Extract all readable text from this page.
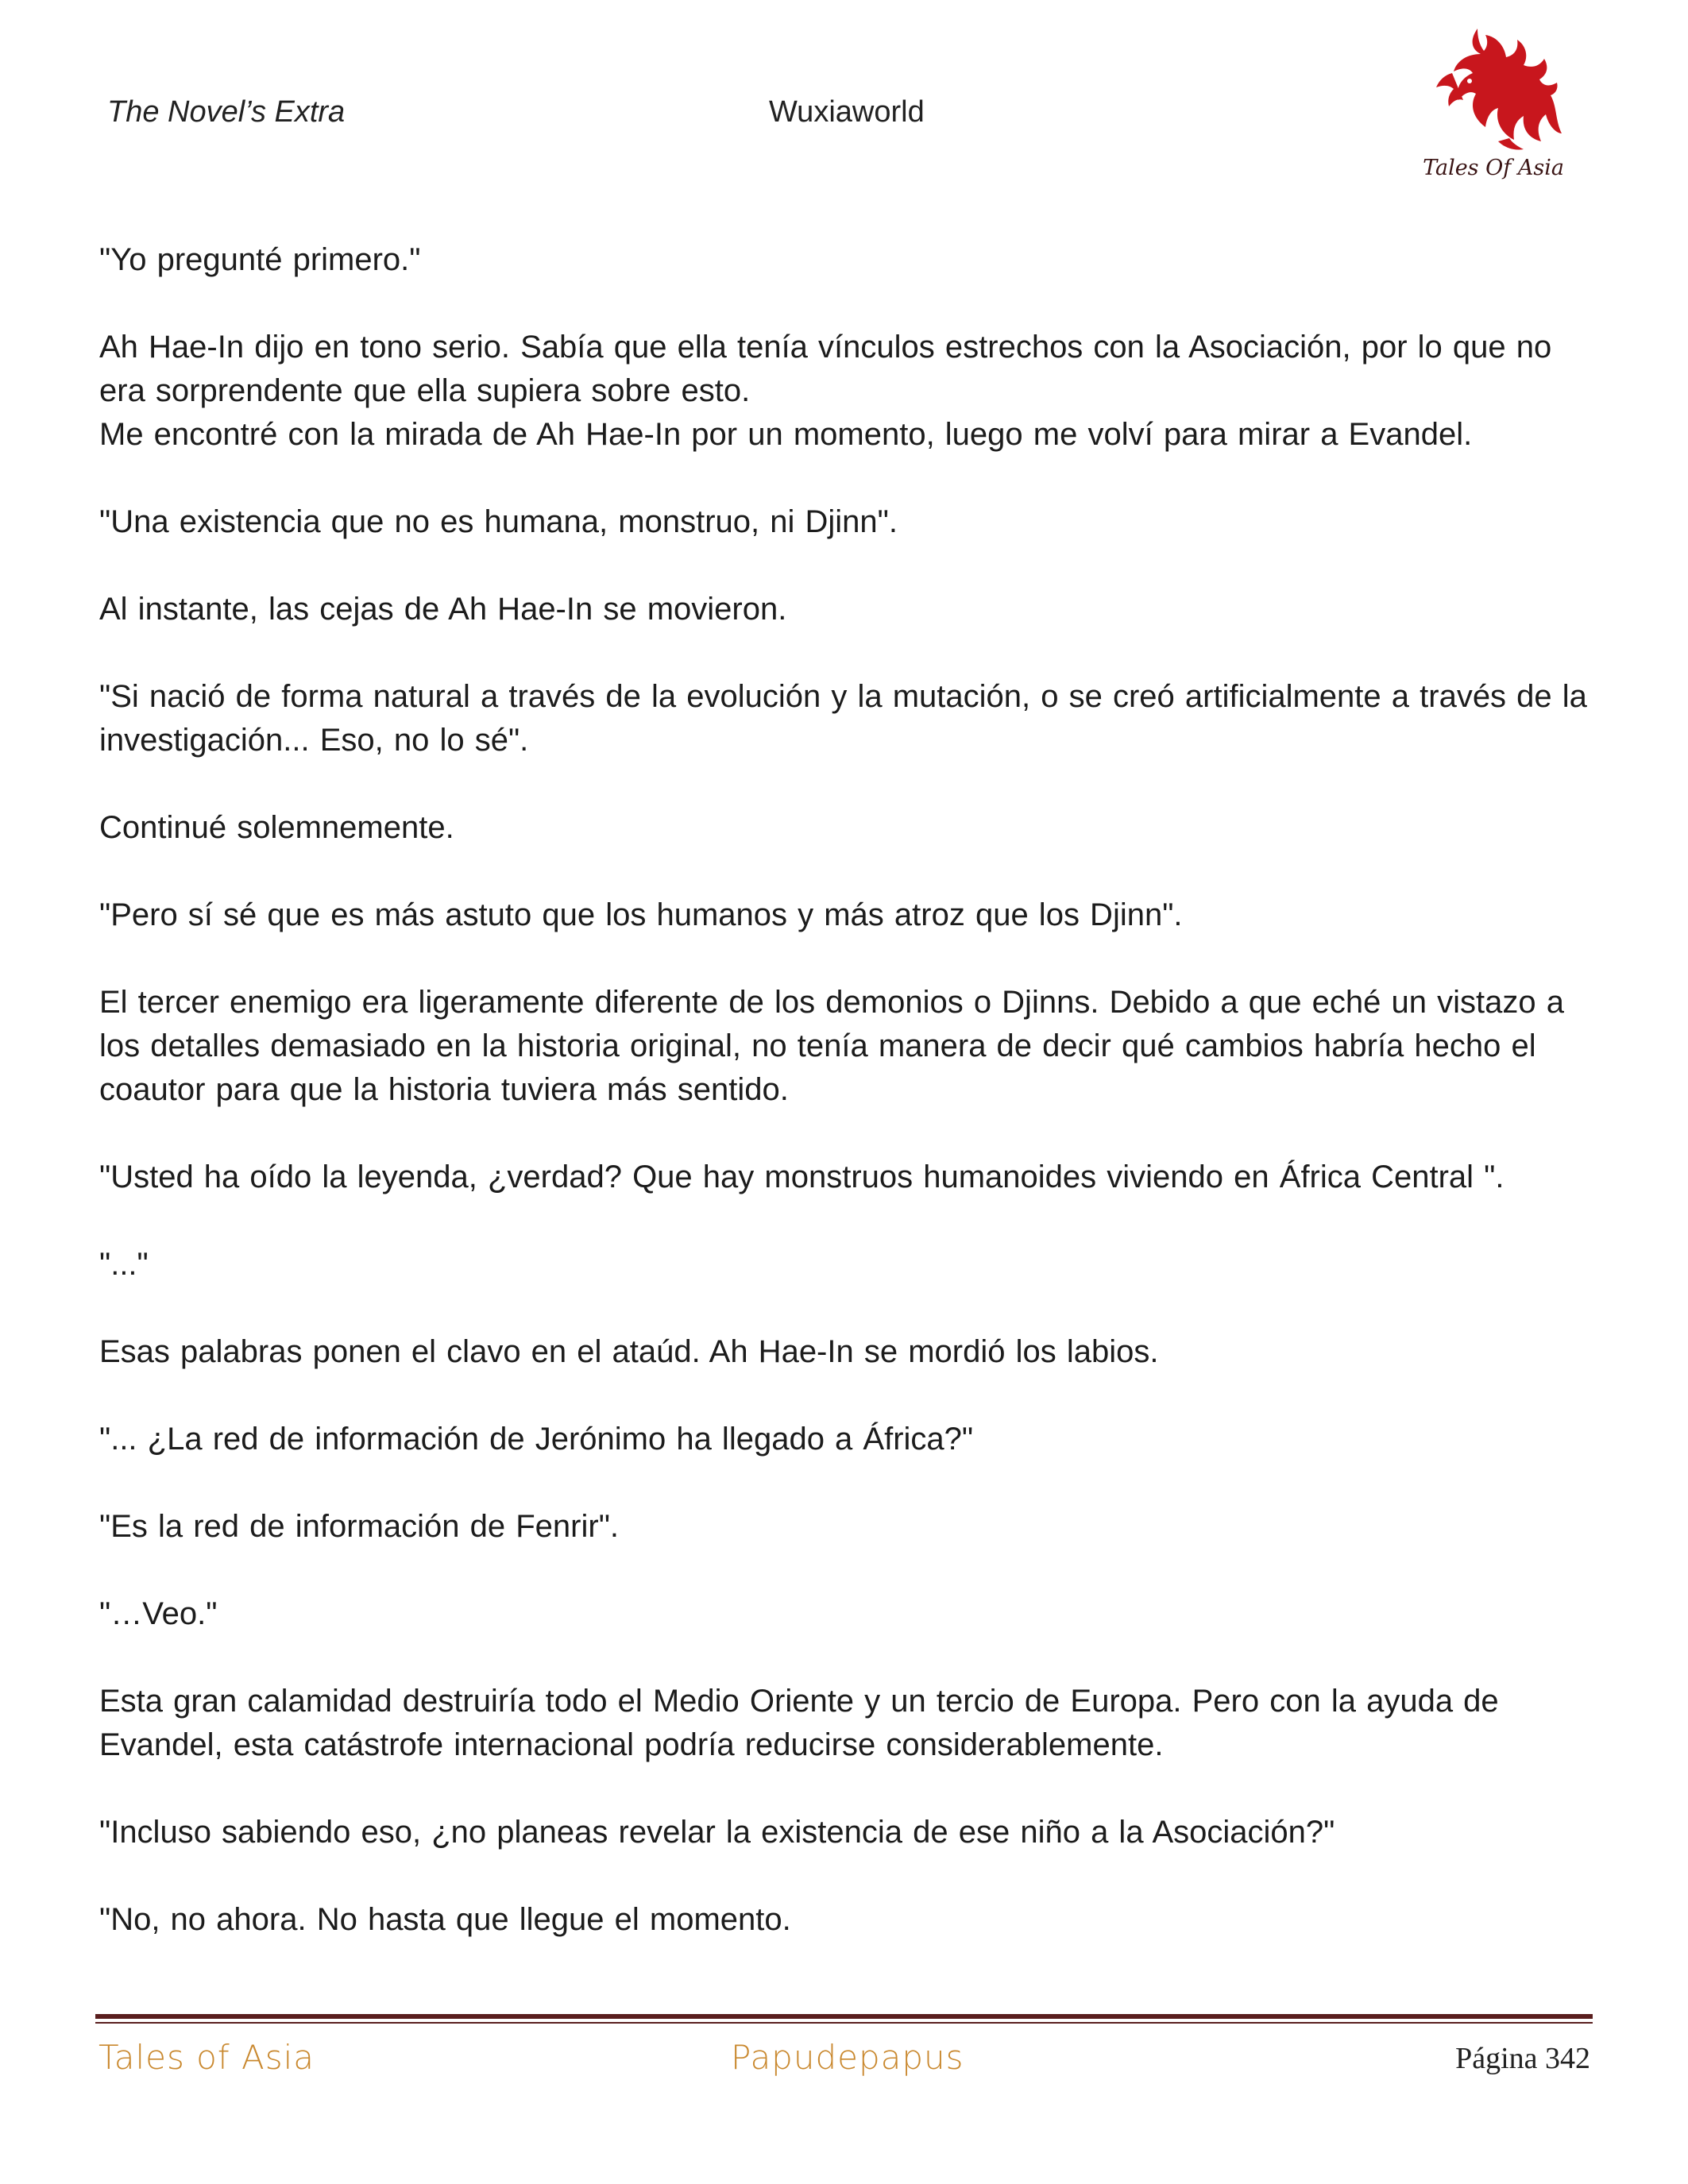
The Novel’s Extra	Wuxiaworld
Tales Of Asia

"Yo pregunté primero."

Ah Hae-In dijo en tono serio. Sabía que ella tenía vínculos estrechos con la Asociación, por lo que no era sorprendente que ella supiera sobre esto.

Me encontré con la mirada de Ah Hae-In por un momento, luego me volví para mirar a Evandel.

"Una existencia que no es humana, monstruo, ni Djinn".

Al instante, las cejas de Ah Hae-In se movieron.

"Si nació de forma natural a través de la evolución y la mutación, o se creó artificialmente a través de la investigación... Eso, no lo sé".

Continué solemnemente.

"Pero sí sé que es más astuto que los humanos y más atroz que los Djinn".

El tercer enemigo era ligeramente diferente de los demonios o Djinns. Debido a que eché un vistazo a los detalles demasiado en la historia original, no tenía manera de decir qué cambios habría hecho el coautor para que la historia tuviera más sentido.

"Usted ha oído la leyenda, ¿verdad? Que hay monstruos humanoides viviendo en África Central ".

"..."

Esas palabras ponen el clavo en el ataúd. Ah Hae-In se mordió los labios.

"... ¿La red de información de Jerónimo ha llegado a África?"

"Es la red de información de Fenrir".

"…Veo."

Esta gran calamidad destruiría todo el Medio Oriente y un tercio de Europa. Pero con la ayuda de Evandel, esta catástrofe internacional podría reducirse considerablemente.

"Incluso sabiendo eso, ¿no planeas revelar la existencia de ese niño a la Asociación?"

"No, no ahora. No hasta que llegue el momento.

Tales of Asia	Papudepapus	Página 342
